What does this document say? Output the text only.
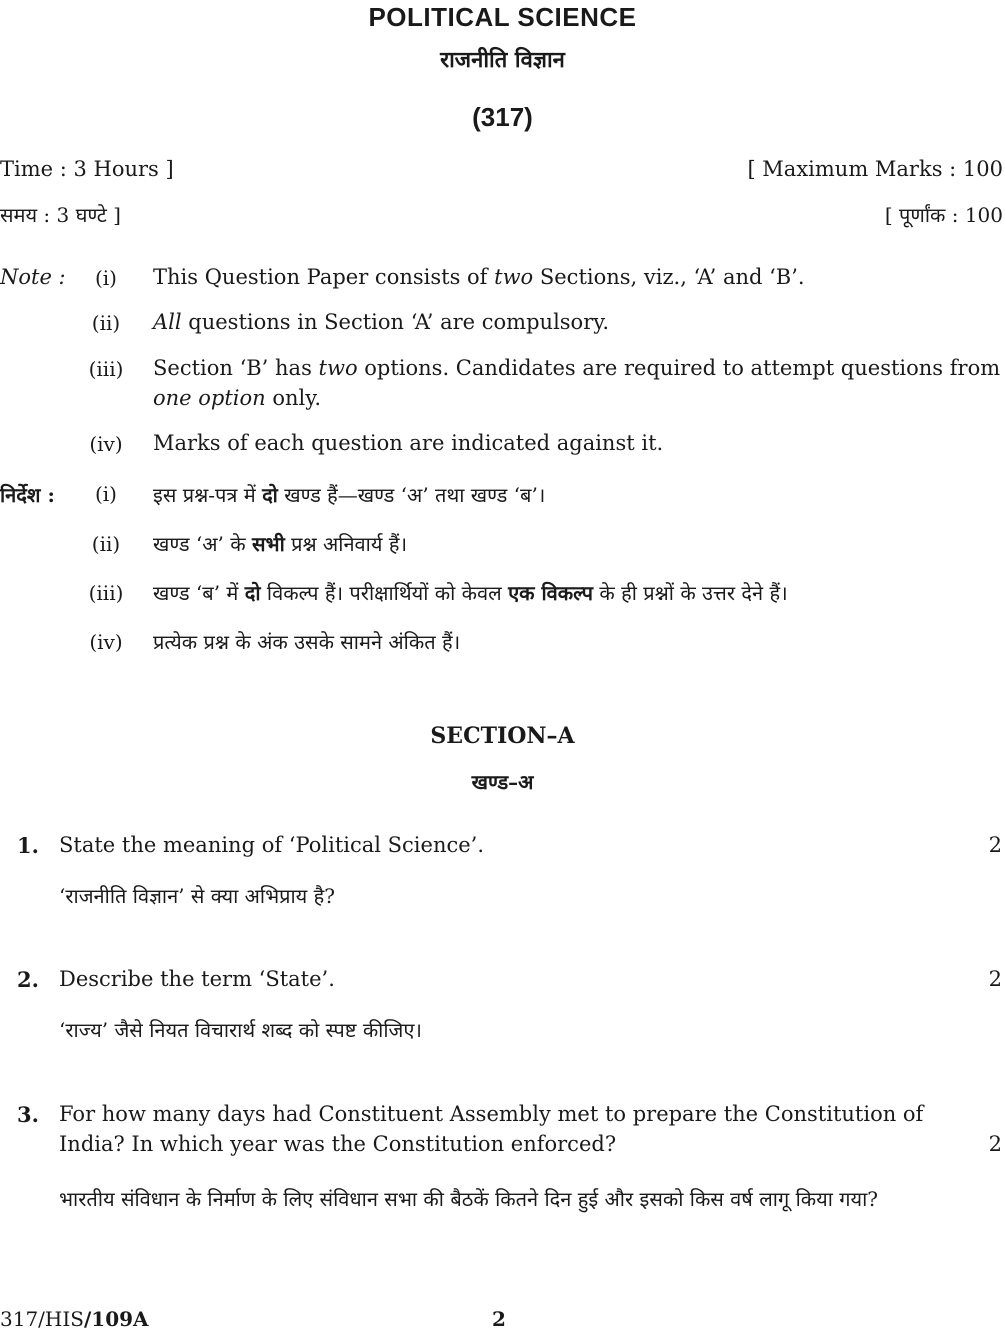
POLITICAL SCIENCE
राजनीति विज्ञान
(317)
Time : 3 Hours ]	[ Maximum Marks : 100
समय : 3 घण्टे ]	[ पूर्णांक : 100
Note :	(i)	This Question Paper consists of two Sections, viz., ‘A’ and ‘B’.
(ii)	All questions in Section ‘A’ are compulsory.
(iii)	Section ‘B’ has two options. Candidates are required to attempt questions from one option only.
(iv)	Marks of each question are indicated against it.
निर्देश :	(i)	इस प्रश्न-पत्र में दो खण्ड हैं—खण्ड ‘अ’ तथा खण्ड ‘ब’।
(ii)	खण्ड ‘अ’ के सभी प्रश्न अनिवार्य हैं।
(iii)	खण्ड ‘ब’ में दो विकल्प हैं। परीक्षार्थियों को केवल एक विकल्प के ही प्रश्नों के उत्तर देने हैं।
(iv)	प्रत्येक प्रश्न के अंक उसके सामने अंकित हैं।
SECTION–A
खण्ड–अ
1. State the meaning of ‘Political Science’.	2
‘राजनीति विज्ञान’ से क्या अभिप्राय है?
2. Describe the term ‘State’.	2
‘राज्य’ जैसे नियत विचारार्थ शब्द को स्पष्ट कीजिए।
3. For how many days had Constituent Assembly met to prepare the Constitution of India? In which year was the Constitution enforced?	2
भारतीय संविधान के निर्माण के लिए संविधान सभा की बैठकें कितने दिन हुई और इसको किस वर्ष लागू किया गया?
317/HIS/109A	2
